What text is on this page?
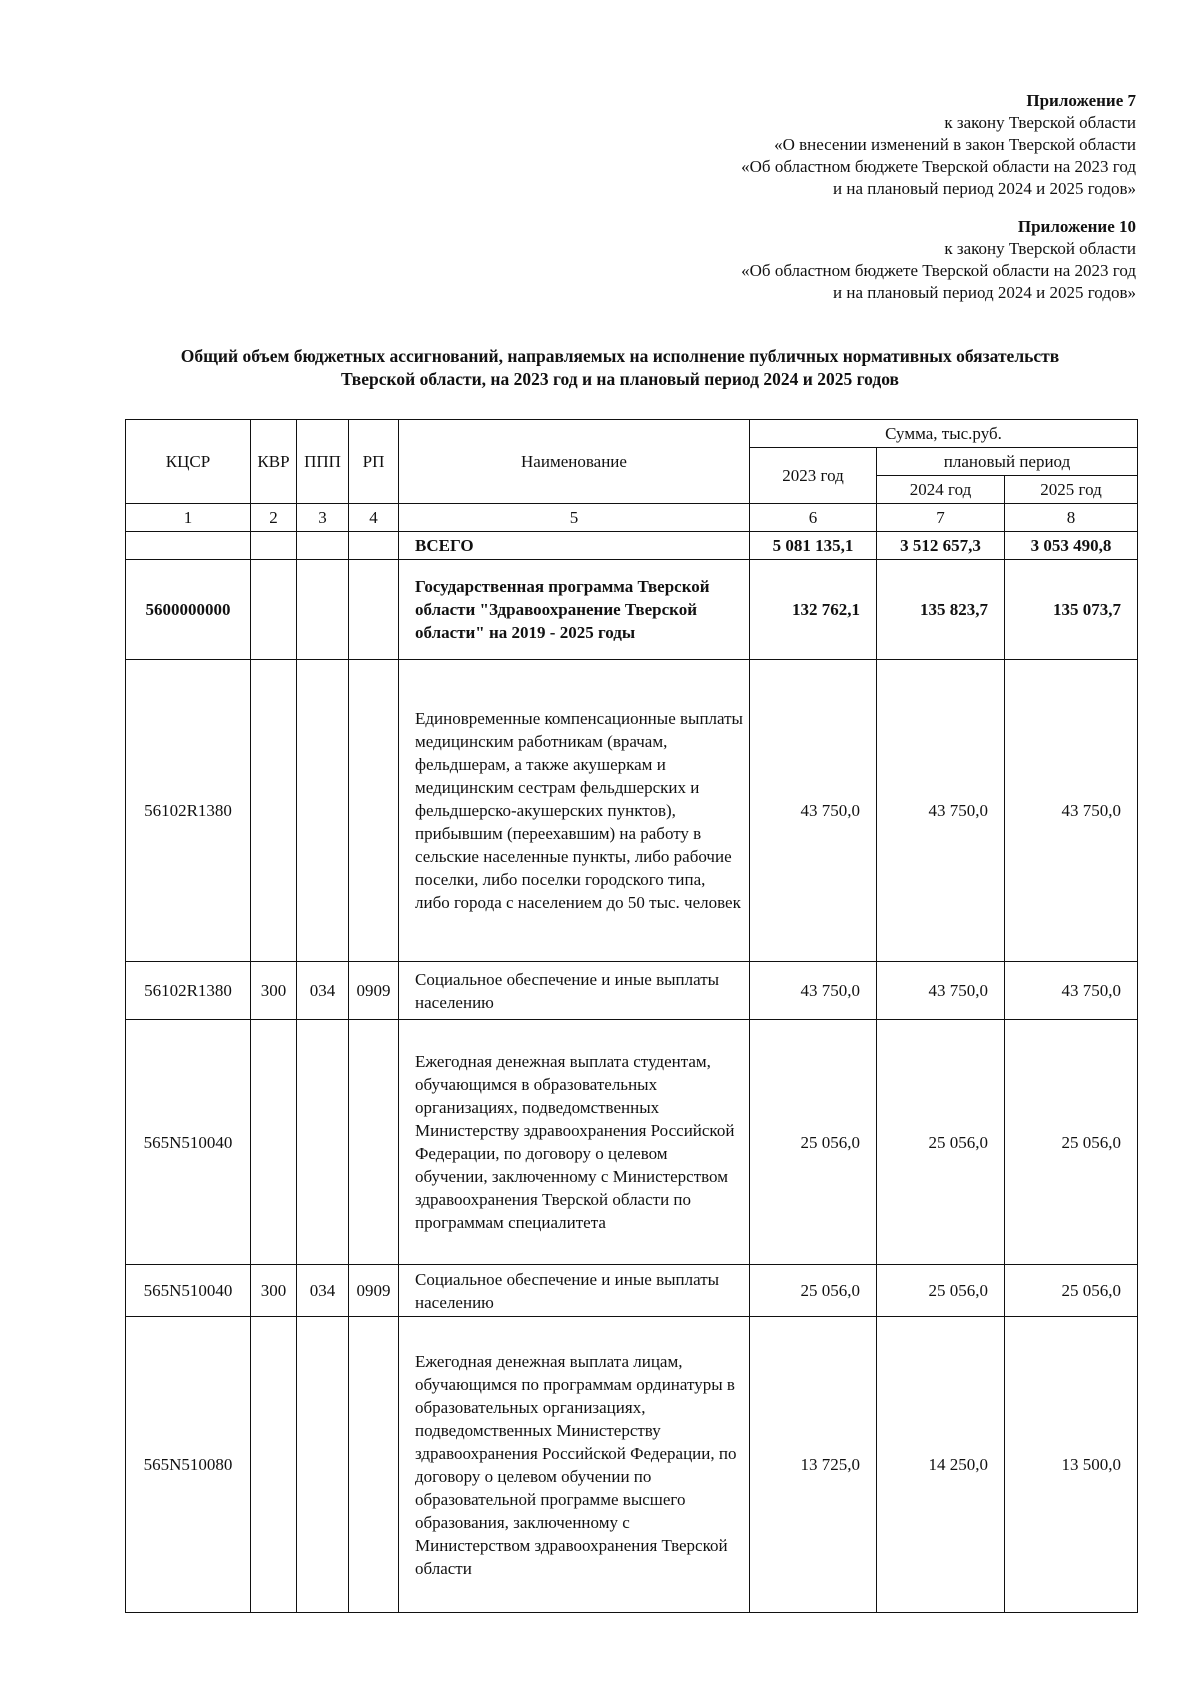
Приложение 7
к закону Тверской области
«О внесении изменений в закон Тверской области
«Об областном бюджете Тверской области на 2023 год
и на плановый период 2024 и 2025 годов»
Приложение 10
к закону Тверской области
«Об областном бюджете Тверской области на 2023 год
и на плановый период 2024 и 2025 годов»
Общий объем бюджетных ассигнований, направляемых на исполнение публичных нормативных обязательств
Тверской области, на 2023 год и на плановый период 2024 и 2025 годов
КЦСР	КВР	ППП	РП	Наименование	Сумма, тыс.руб.		
					2023 год	плановый период	
						2024 год	2025 год
1	2	3	4	5	6	7	8
				ВСЕГО	5 081 135,1	3 512 657,3	3 053 490,8
5600000000				Государственная программа Тверской области "Здравоохранение Тверской области" на 2019 - 2025 годы	132 762,1	135 823,7	135 073,7
56102R1380				Единовременные компенсационные выплаты медицинским работникам (врачам, фельдшерам, а также акушеркам и медицинским сестрам фельдшерских и фельдшерско-акушерских пунктов), прибывшим (переехавшим) на работу в сельские населенные пункты, либо рабочие поселки, либо поселки городского типа, либо города с населением до 50 тыс. человек	43 750,0	43 750,0	43 750,0
56102R1380	300	034	0909	Социальное обеспечение и иные выплаты населению	43 750,0	43 750,0	43 750,0
565N510040				Ежегодная денежная выплата студентам, обучающимся в образовательных организациях, подведомственных Министерству здравоохранения Российской Федерации, по договору о целевом обучении, заключенному с Министерством здравоохранения Тверской области по программам специалитета	25 056,0	25 056,0	25 056,0
565N510040	300	034	0909	Социальное обеспечение и иные выплаты населению	25 056,0	25 056,0	25 056,0
565N510080				Ежегодная денежная выплата лицам, обучающимся по программам ординатуры в образовательных организациях, подведомственных Министерству здравоохранения Российской Федерации, по договору о целевом обучении по образовательной программе высшего образования, заключенному с Министерством здравоохранения Тверской области	13 725,0	14 250,0	13 500,0
